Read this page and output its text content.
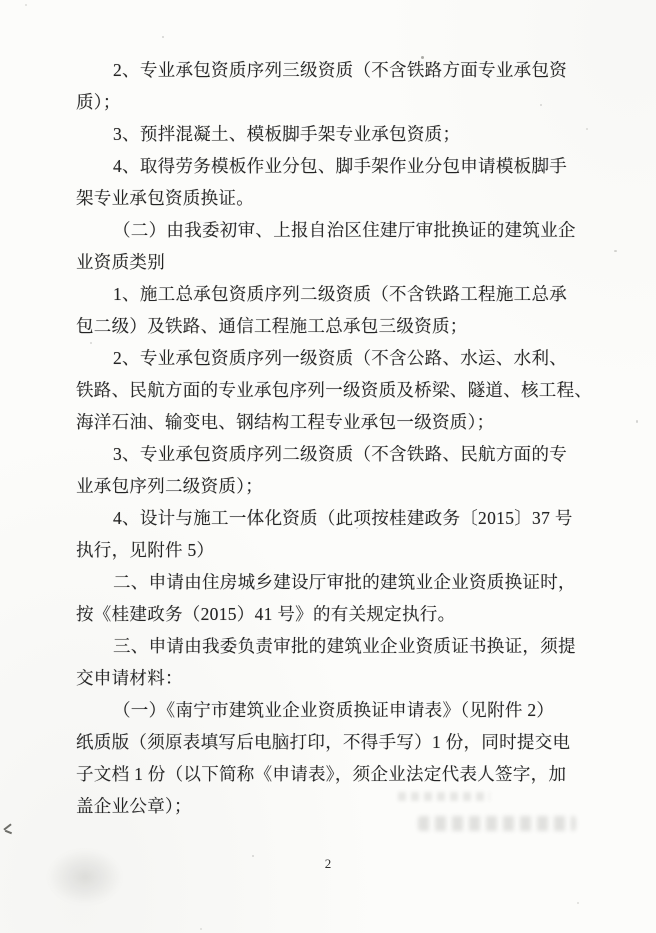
2、专业承包资质序列三级资质（不含铁路方面专业承包资
质）；
3、预拌混凝土、模板脚手架专业承包资质；
4、取得劳务模板作业分包、脚手架作业分包申请模板脚手
架专业承包资质换证。
（二）由我委初审、上报自治区住建厅审批换证的建筑业企
业资质类别
1、施工总承包资质序列二级资质（不含铁路工程施工总承
包二级）及铁路、通信工程施工总承包三级资质；
2、专业承包资质序列一级资质（不含公路、水运、水利、
铁路、民航方面的专业承包序列一级资质及桥梁、隧道、核工程、
海洋石油、输变电、钢结构工程专业承包一级资质）；
3、专业承包资质序列二级资质（不含铁路、民航方面的专
业承包序列二级资质）；
4、设计与施工一体化资质（此项按桂建政务〔2015〕37 号
执行，见附件 5）
二、申请由住房城乡建设厅审批的建筑业企业资质换证时，
按《桂建政务（2015）41 号》的有关规定执行。
三、申请由我委负责审批的建筑业企业资质证书换证，须提
交申请材料：
（一）《南宁市建筑业企业资质换证申请表》（见附件 2）
纸质版（须原表填写后电脑打印，不得手写）1 份，同时提交电
子文档 1 份（以下简称《申请表》，须企业法定代表人签字，加
盖企业公章）；
2
